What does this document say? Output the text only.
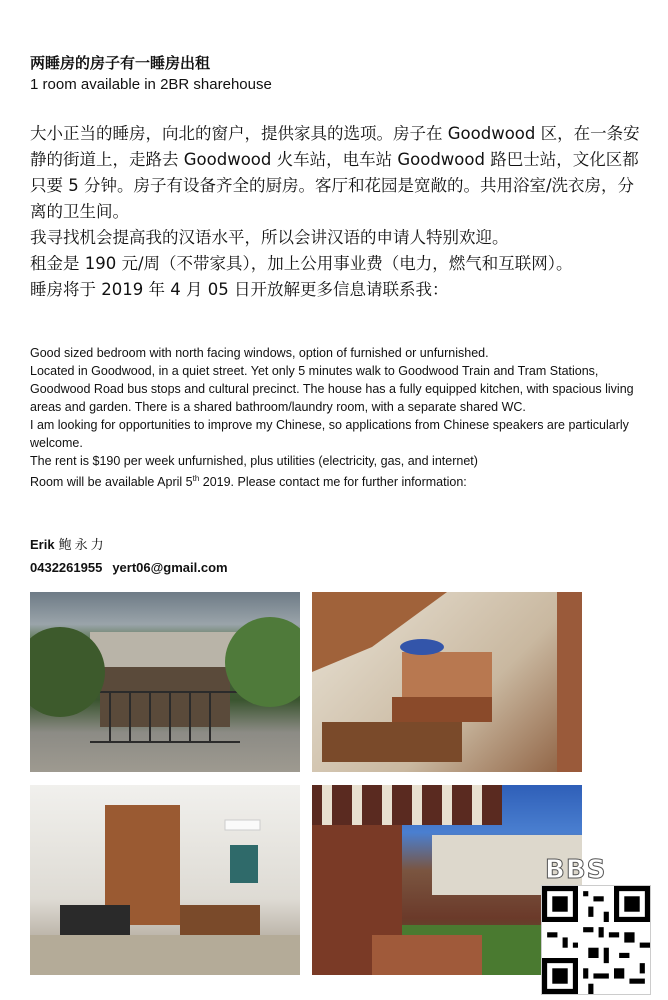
两睡房的房子有一睡房出租
1 room available in 2BR sharehouse

大小正当的睡房，向北的窗户，提供家具的选项。房子在 Goodwood 区，在一条安静的街道上，走路去 Goodwood 火车站，电车站 Goodwood 路巴士站，文化区都只要 5 分钟。房子有设备齐全的厨房。客厅和花园是宽敞的。共用浴室/洗衣房，分离的卫生间。

我寻找机会提高我的汉语水平，所以会讲汉语的申请人特别欢迎。

租金是 190 元/周（不带家具），加上公用事业费（电力，燃气和互联网）。

睡房将于 2019 年 4 月 05 日开放解更多信息请联系我：

Good sized bedroom with north facing windows, option of furnished or unfurnished.

Located in Goodwood, in a quiet street. Yet only 5 minutes walk to Goodwood Train and Tram Stations, Goodwood Road bus stops and cultural precinct. The house has a fully equipped kitchen, with spacious living areas and garden. There is a shared bathroom/laundry room, with a separate shared WC.

I am looking for opportunities to improve my Chinese, so applications from Chinese speakers are particularly welcome.

The rent is $190 per week unfurnished, plus utilities (electricity, gas, and internet)

Room will be available April 5th 2019. Please contact me for further information:

Erik 鲍永力
0432261955 yert06@gmail.com
BBS
